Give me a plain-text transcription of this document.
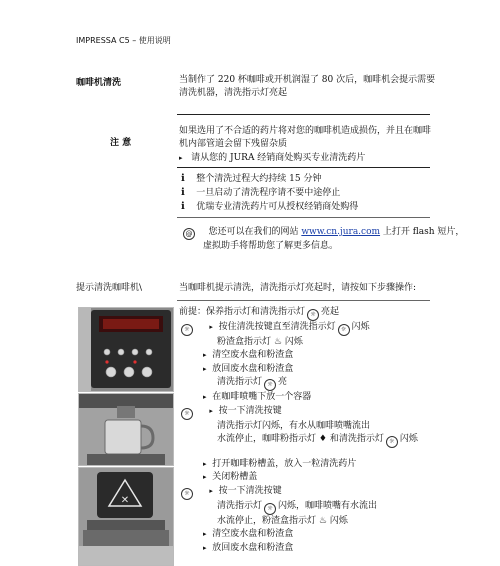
IMPRESSA C5 – 使用说明
咖啡机清洗	当制作了 220 杯咖啡或开机润湿了 80 次后，咖啡机会提示需要
清洗机器，清洗指示灯亮起
注 意
如果选用了不合适的药片将对您的咖啡机造成损伤，并且在咖啡
机内部管道会留下残留杂质
▸ 请从您的 JURA 经销商处购买专业清洗药片
ℹ 整个清洗过程大约持续 15 分钟
ℹ 一旦启动了清洗程序请不要中途停止
ℹ 优瑞专业清洗药片可从授权经销商处购得
@ 您还可以在我们的网站 www.cn.jura.com 上打开 flash 短片，
虚拟助手将帮助您了解更多信息。
提示清洗咖啡机\	当咖啡机提示清洗，清洗指示灯亮起时，请按如下步骤操作:
✕
前提：保养指示灯和清洗指示灯 ☼ 亮起
☼	▸ 按住清洗按键直至清洗指示灯 ☼ 闪烁
粉渣盒指示灯 ♨ 闪烁
▸ 清空废水盘和粉渣盒
▸ 放回废水盘和粉渣盒
清洗指示灯 ☼ 亮
▸ 在咖啡喷嘴下放一个容器
☼	▸ 按一下清洗按键
清洗指示灯闪烁，有水从咖啡喷嘴流出
水流停止，咖啡粉指示灯 ♦ 和清洗指示灯 ☼ 闪烁
▸ 打开咖啡粉槽盖，放入一粒清洗药片
▸ 关闭粉槽盖
☼	▸ 按一下清洗按键
清洗指示灯 ☼ 闪烁，咖啡喷嘴有水流出
水流停止，粉渣盒指示灯 ♨ 闪烁
▸ 清空废水盘和粉渣盒
▸ 放回废水盘和粉渣盒
